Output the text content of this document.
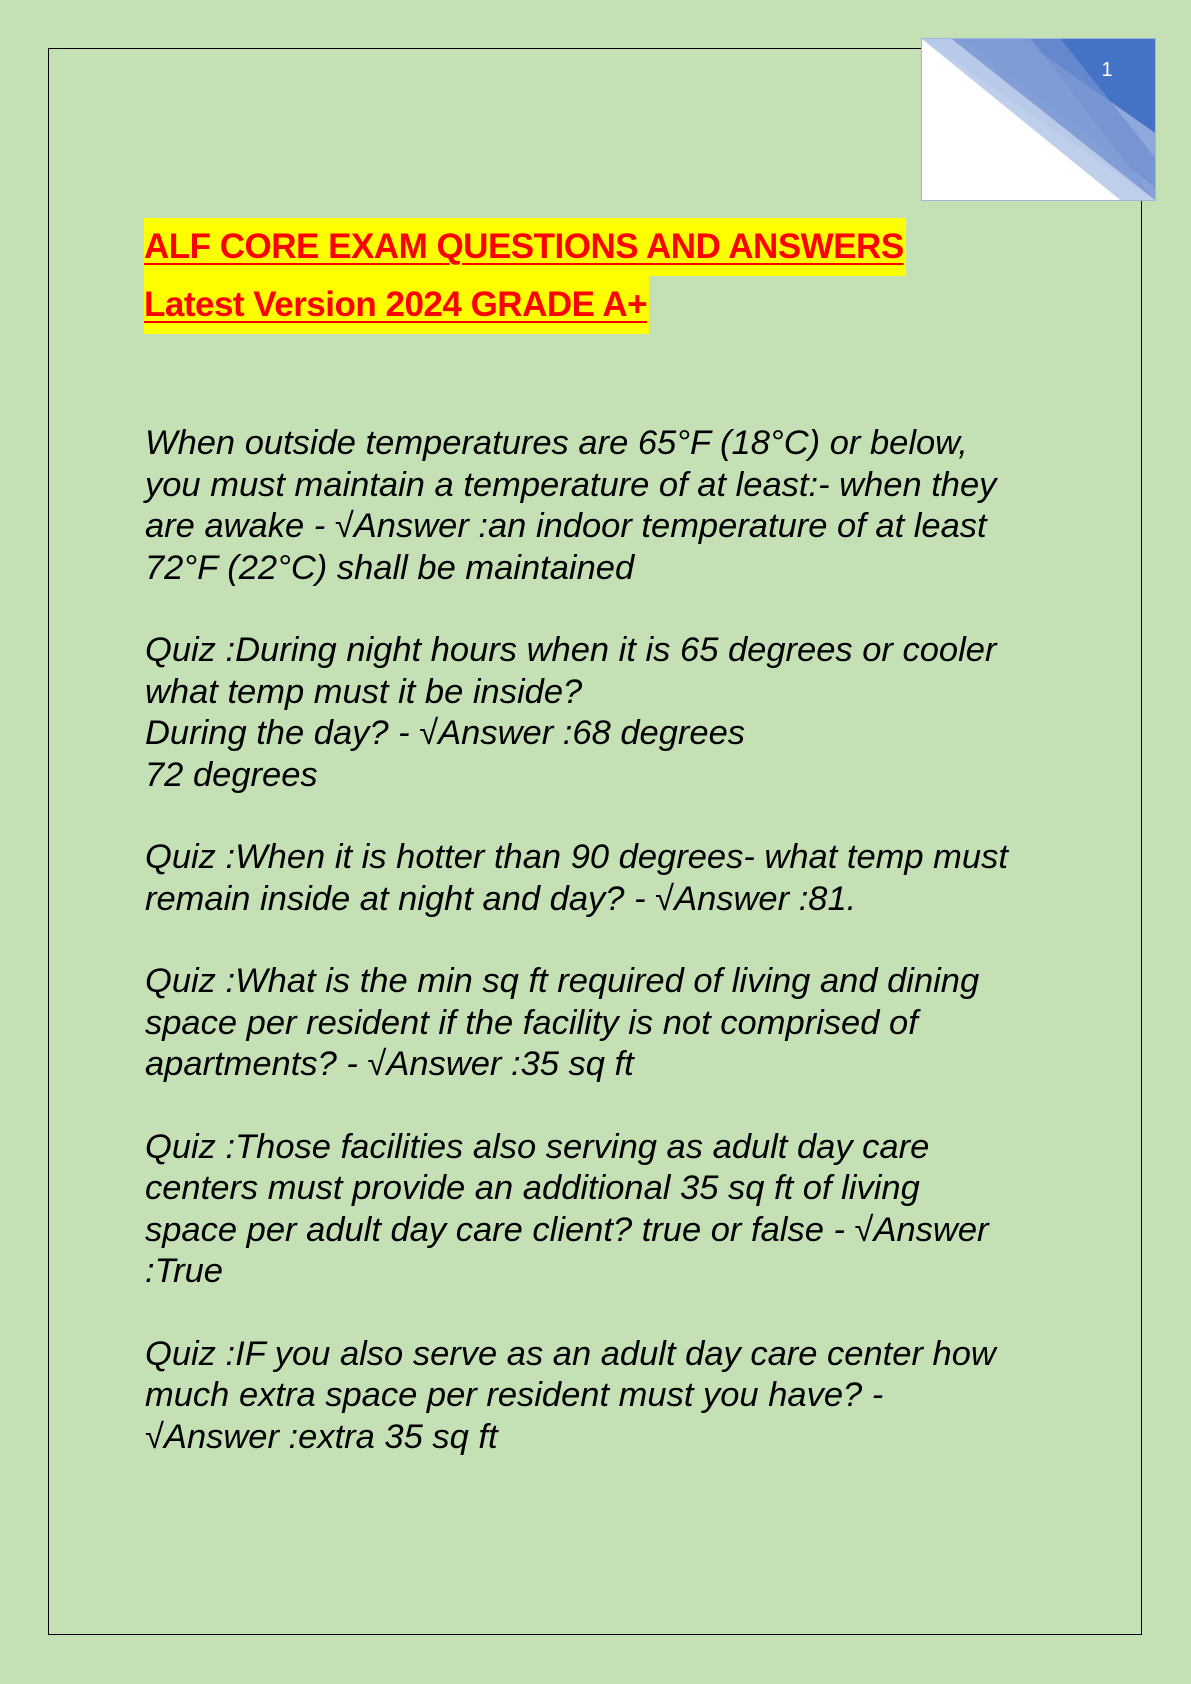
1
ALF CORE EXAM QUESTIONS AND ANSWERS
Latest Version 2024 GRADE A+

When outside temperatures are 65°F (18°C) or below,
you must maintain a temperature of at least:- when they
are awake - √Answer :an indoor temperature of at least
72°F (22°C) shall be maintained

Quiz :During night hours when it is 65 degrees or cooler
what temp must it be inside?
During the day? - √Answer :68 degrees
72 degrees

Quiz :When it is hotter than 90 degrees- what temp must
remain inside at night and day? - √Answer :81.

Quiz :What is the min sq ft required of living and dining
space per resident if the facility is not comprised of
apartments? - √Answer :35 sq ft

Quiz :Those facilities also serving as adult day care
centers must provide an additional 35 sq ft of living
space per adult day care client? true or false - √Answer
:True

Quiz :IF you also serve as an adult day care center how
much extra space per resident must you have? -
√Answer :extra 35 sq ft
